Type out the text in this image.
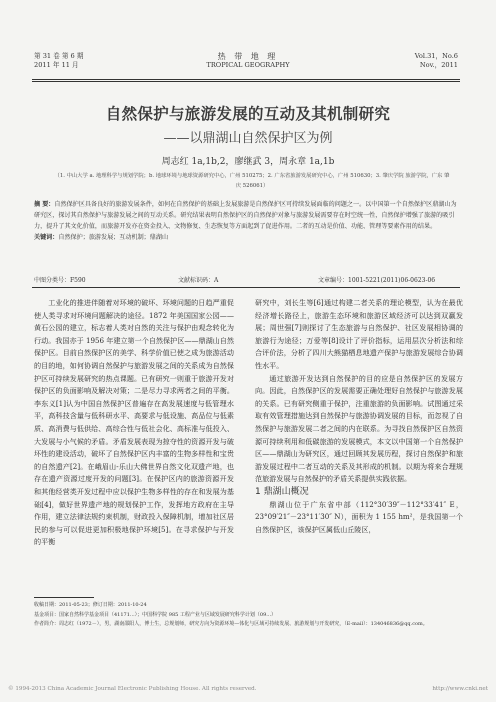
第 31 卷 第 6 期
2011 年 11 月
热 带 地 理
TROPICAL GEOGRAPHY
Vol.31，No.6
Nov.，2011
自然保护与旅游发展的互动及其机制研究
——以鼎湖山自然保护区为例
周志红 1a,1b,2，廖继武 3，周永章 1a,1b
（1. 中山大学 a. 地理科学与规划学院；b. 地球环境与地球资源研究中心，广州 510275；2. 广东省旅游发展研究中心，广州 510630；3. 肇庆学院 旅游学院，广东 肇庆 526061）
摘 要：自然保护区具备良好的旅游发展条件，如何在自然保护的基础上发展旅游是自然保护区可持续发展面临的问题之一。以中国第一个自然保护区鼎湖山为研究区，探讨其自然保护与旅游发展之间的互动关系。研究结果表明自然保护区的自然保护对象与旅游发展需要存在时空统一性，自然保护增强了旅游的吸引力，提升了其文化价值，而旅游开发亦在资金投入、文物修复、生态恢复等方面起到了促进作用。二者的互动是价值、功能、管理等要素作用的结果。
关键词：自然保护；旅游发展；互动机制；鼎湖山
中图分类号：F590	文献标识码：A	文章编号：1001-5221(2011)06-0623-06

工业化的推进伴随着对环境的破坏、环境问题的日趋严重促使人类寻求对环境问题解决的途径。1872 年美国国家公园——黄石公园的建立，标志着人类对自然的关注与保护由观念转化为行动。我国亦于 1956 年建立第一个自然保护区——鼎湖山自然保护区。目前自然保护区的美学、科学价值已使之成为旅游活动的目的地，如何协调自然保护与旅游发展之间的关系成为自然保护区可持续发展研究的热点课题。已有研究一则重于旅游开发对保护区的负面影响及解决对策；二是尽力寻求两者之间的平衡。李东义[1]认为中国自然保护区普遍存在高发展速度与低管理水平，高科技含量与低科研水平、高要求与低设施、高品位与低素质、高消费与低供给、高综合性与低社会化、高标准与低投入、大发展与小气候的矛盾。矛盾发展表现为掠夺性的资源开发与破坏性的建设活动，破坏了自然保护区内丰富的生物多样性和宝贵的自然遗产[2]。在峨眉山-乐山大佛世界自然文化双遗产地，也存在遗产资源过度开发的问题[3]。在保护区内的旅游资源开发和其他经营类开发过程中应以保护生物多样性的存在和发展为基础[4]，做好世界遗产地的规划保护工作，发挥地方政府在主导作用，建立法律法规约束机制，财政投入保障机制，增加社区居民的参与可以促进更加积极地保护环境[5]。在寻求保护与开发的平衡

研究中，刘长生等[6]通过构建二者关系的理论模型，认为在最优经济增长路径上，旅游生态环境和旅游区域经济可以达到双赢发展；周世强[7]则探讨了生态旅游与自然保护、社区发展相协调的旅游行为途径；万爱等[8]设计了评价指标，运用层次分析法和综合评价法，分析了四川大熊猫栖息地遗产保护与旅游发展综合协调性水平。

通过旅游开发达到自然保护的目的应是自然保护区的发展方向。因此，自然保护区的发展需要正确处理好自然保护与旅游发展的关系。已有研究侧重于保护，注重旅游的负面影响。试图通过采取有效管理措施达到自然保护与旅游协调发展的目标，而忽视了自然保护与旅游发展二者之间的内在联系。为寻找自然保护区自然资源可持续利用和低碳旅游的发展模式，本文以中国第一个自然保护区——鼎湖山为研究区，通过回顾其发展历程，探讨自然保护和旅游发展过程中二者互动的关系及其形成的机制。以期为将来合理规范旅游发展与自然保护的矛盾关系提供实践依据。

1 鼎湖山概况

鼎湖山位于广东省中部（112°30′39″－112°33′41″ E，23°09′21″－23°11′30″ N），面积为 1 155 hm²，是我国第一个自然保护区，该保护区属低山丘陵区，

收稿日期：2011-05-23；修订日期：2011-10-24
基金项目：国家自然科学基金项目（41171...）；中国科学院 985 工程产业与区域发展研究科学计划（09...）
作者简介：周志红（1972－），男，湖南邵阳人，博士生，总规划师，研究方向为资源环境—体化与区域可持续发展、旅游规划与开发研究，（E-mail）：134046836@qq.com。
© 1994-2013 China Academic Journal Electronic Publishing House. All rights reserved.	http://www.cnki.net
